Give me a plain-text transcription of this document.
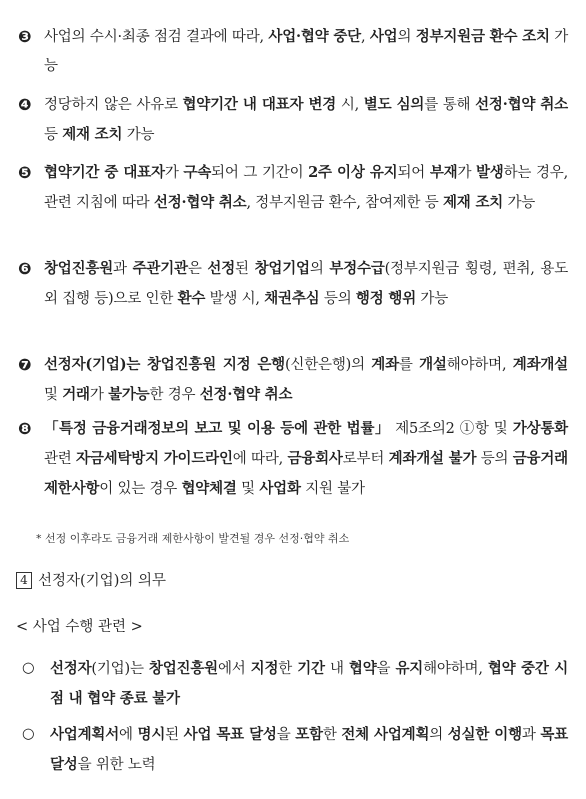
❸ 사업의 수시·최종 점검 결과에 따라, 사업·협약 중단, 사업의 정부지원금 환수 조치 가능
❹ 정당하지 않은 사유로 협약기간 내 대표자 변경 시, 별도 심의를 통해 선정·협약 취소 등 제재 조치 가능
❺ 협약기간 중 대표자가 구속되어 그 기간이 2주 이상 유지되어 부재가 발생하는 경우, 관련 지침에 따라 선정·협약 취소, 정부지원금 환수, 참여제한 등 제재 조치 가능
❻ 창업진흥원과 주관기관은 선정된 창업기업의 부정수급(정부지원금 횡령, 편취, 용도 외 집행 등)으로 인한 환수 발생 시, 채권추심 등의 행정 행위 가능
❼ 선정자(기업)는 창업진흥원 지정 은행(신한은행)의 계좌를 개설해야하며, 계좌개설 및 거래가 불가능한 경우 선정·협약 취소
❽ 「특정 금융거래정보의 보고 및 이용 등에 관한 법률」 제5조의2 ①항 및 가상통화 관련 자금세탁방지 가이드라인에 따라, 금융회사로부터 계좌개설 불가 등의 금융거래 제한사항이 있는 경우 협약체결 및 사업화 지원 불가
* 선정 이후라도 금융거래 제한사항이 발견될 경우 선정·협약 취소
4 선정자(기업)의 의무
< 사업 수행 관련 >
○ 선정자(기업)는 창업진흥원에서 지정한 기간 내 협약을 유지해야하며, 협약 중간 시점 내 협약 종료 불가
○ 사업계획서에 명시된 사업 목표 달성을 포함한 전체 사업계획의 성실한 이행과 목표 달성을 위한 노력
